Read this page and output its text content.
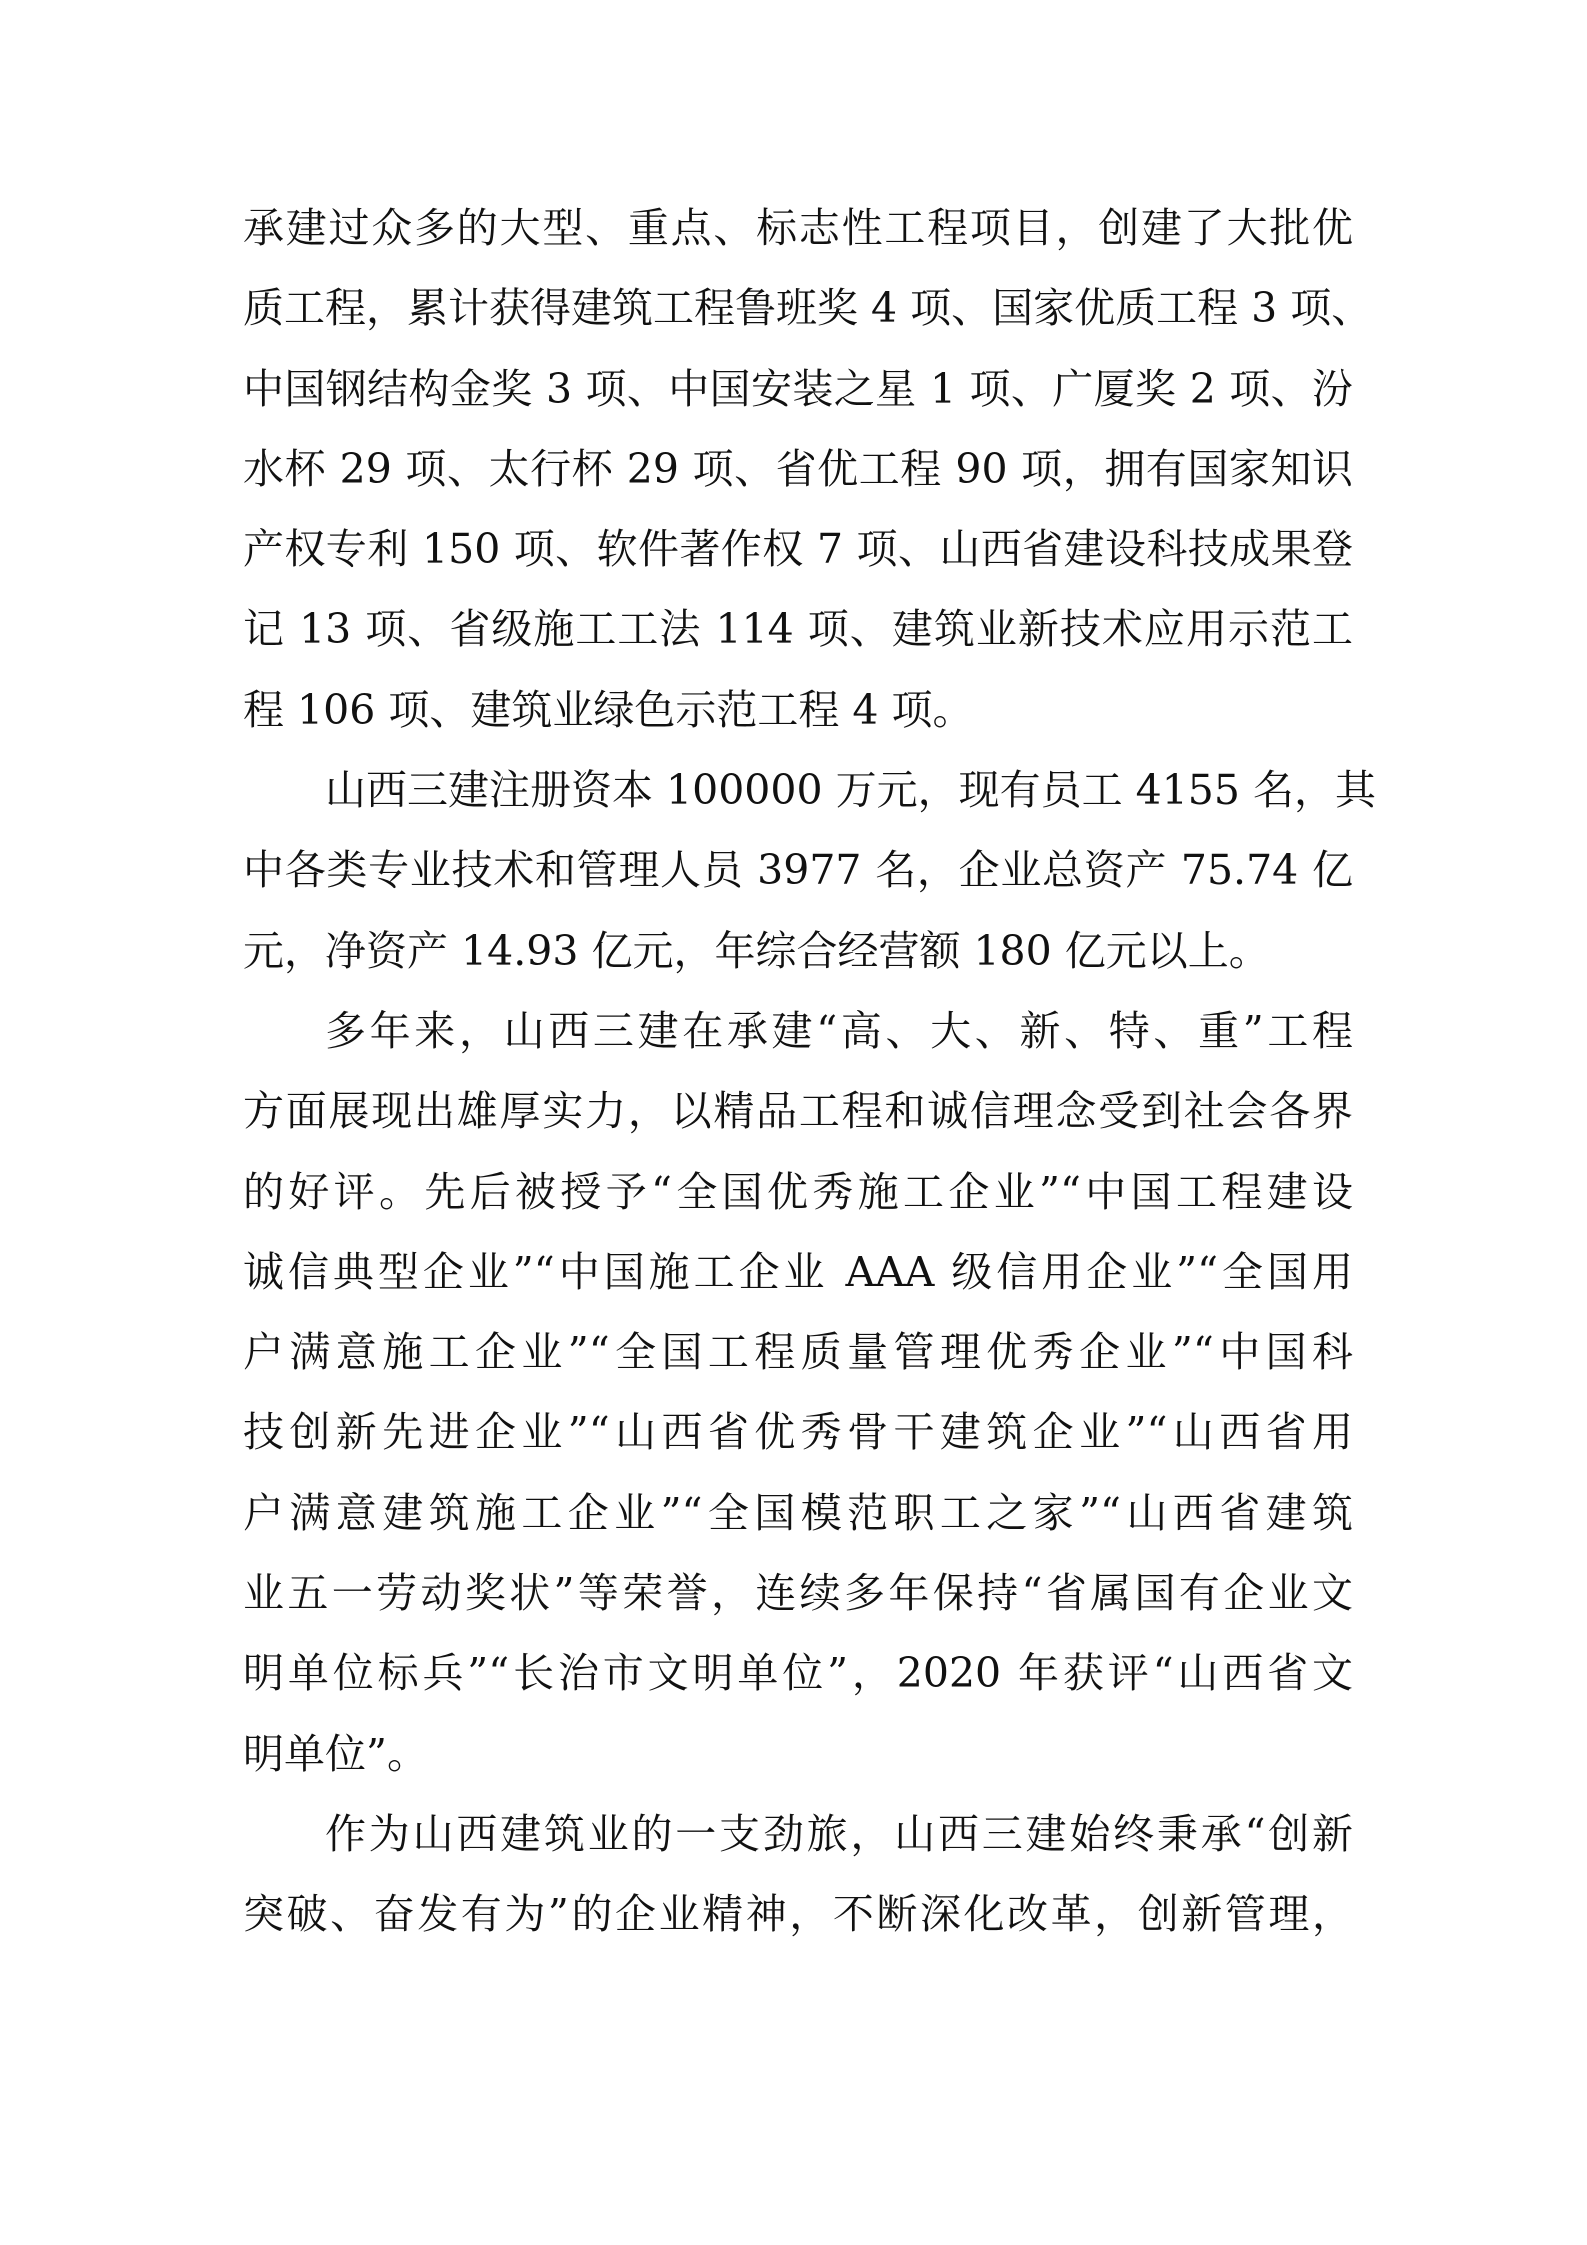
承建过众多的大型、重点、标志性工程项目，创建了大批优
质工程，累计获得建筑工程鲁班奖 4 项、国家优质工程 3 项、
中国钢结构金奖 3 项、中国安装之星 1 项、广厦奖 2 项、汾
水杯 29 项、太行杯 29 项、省优工程 90 项，拥有国家知识
产权专利 150 项、软件著作权 7 项、山西省建设科技成果登
记 13 项、省级施工工法 114 项、建筑业新技术应用示范工
程 106 项、建筑业绿色示范工程 4 项。
山西三建注册资本 100000 万元，现有员工 4155 名，其
中各类专业技术和管理人员 3977 名，企业总资产 75.74 亿
元，净资产 14.93 亿元，年综合经营额 180 亿元以上。
多年来，山西三建在承建“高、大、新、特、重”工程
方面展现出雄厚实力，以精品工程和诚信理念受到社会各界
的好评。先后被授予“全国优秀施工企业”“中国工程建设
诚信典型企业”“中国施工企业 AAA 级信用企业”“全国用
户满意施工企业”“全国工程质量管理优秀企业”“中国科
技创新先进企业”“山西省优秀骨干建筑企业”“山西省用
户满意建筑施工企业”“全国模范职工之家”“山西省建筑
业五一劳动奖状”等荣誉，连续多年保持“省属国有企业文
明单位标兵”“长治市文明单位”，2020 年获评“山西省文
明单位”。
作为山西建筑业的一支劲旅，山西三建始终秉承“创新
突破、奋发有为”的企业精神，不断深化改革，创新管理，
